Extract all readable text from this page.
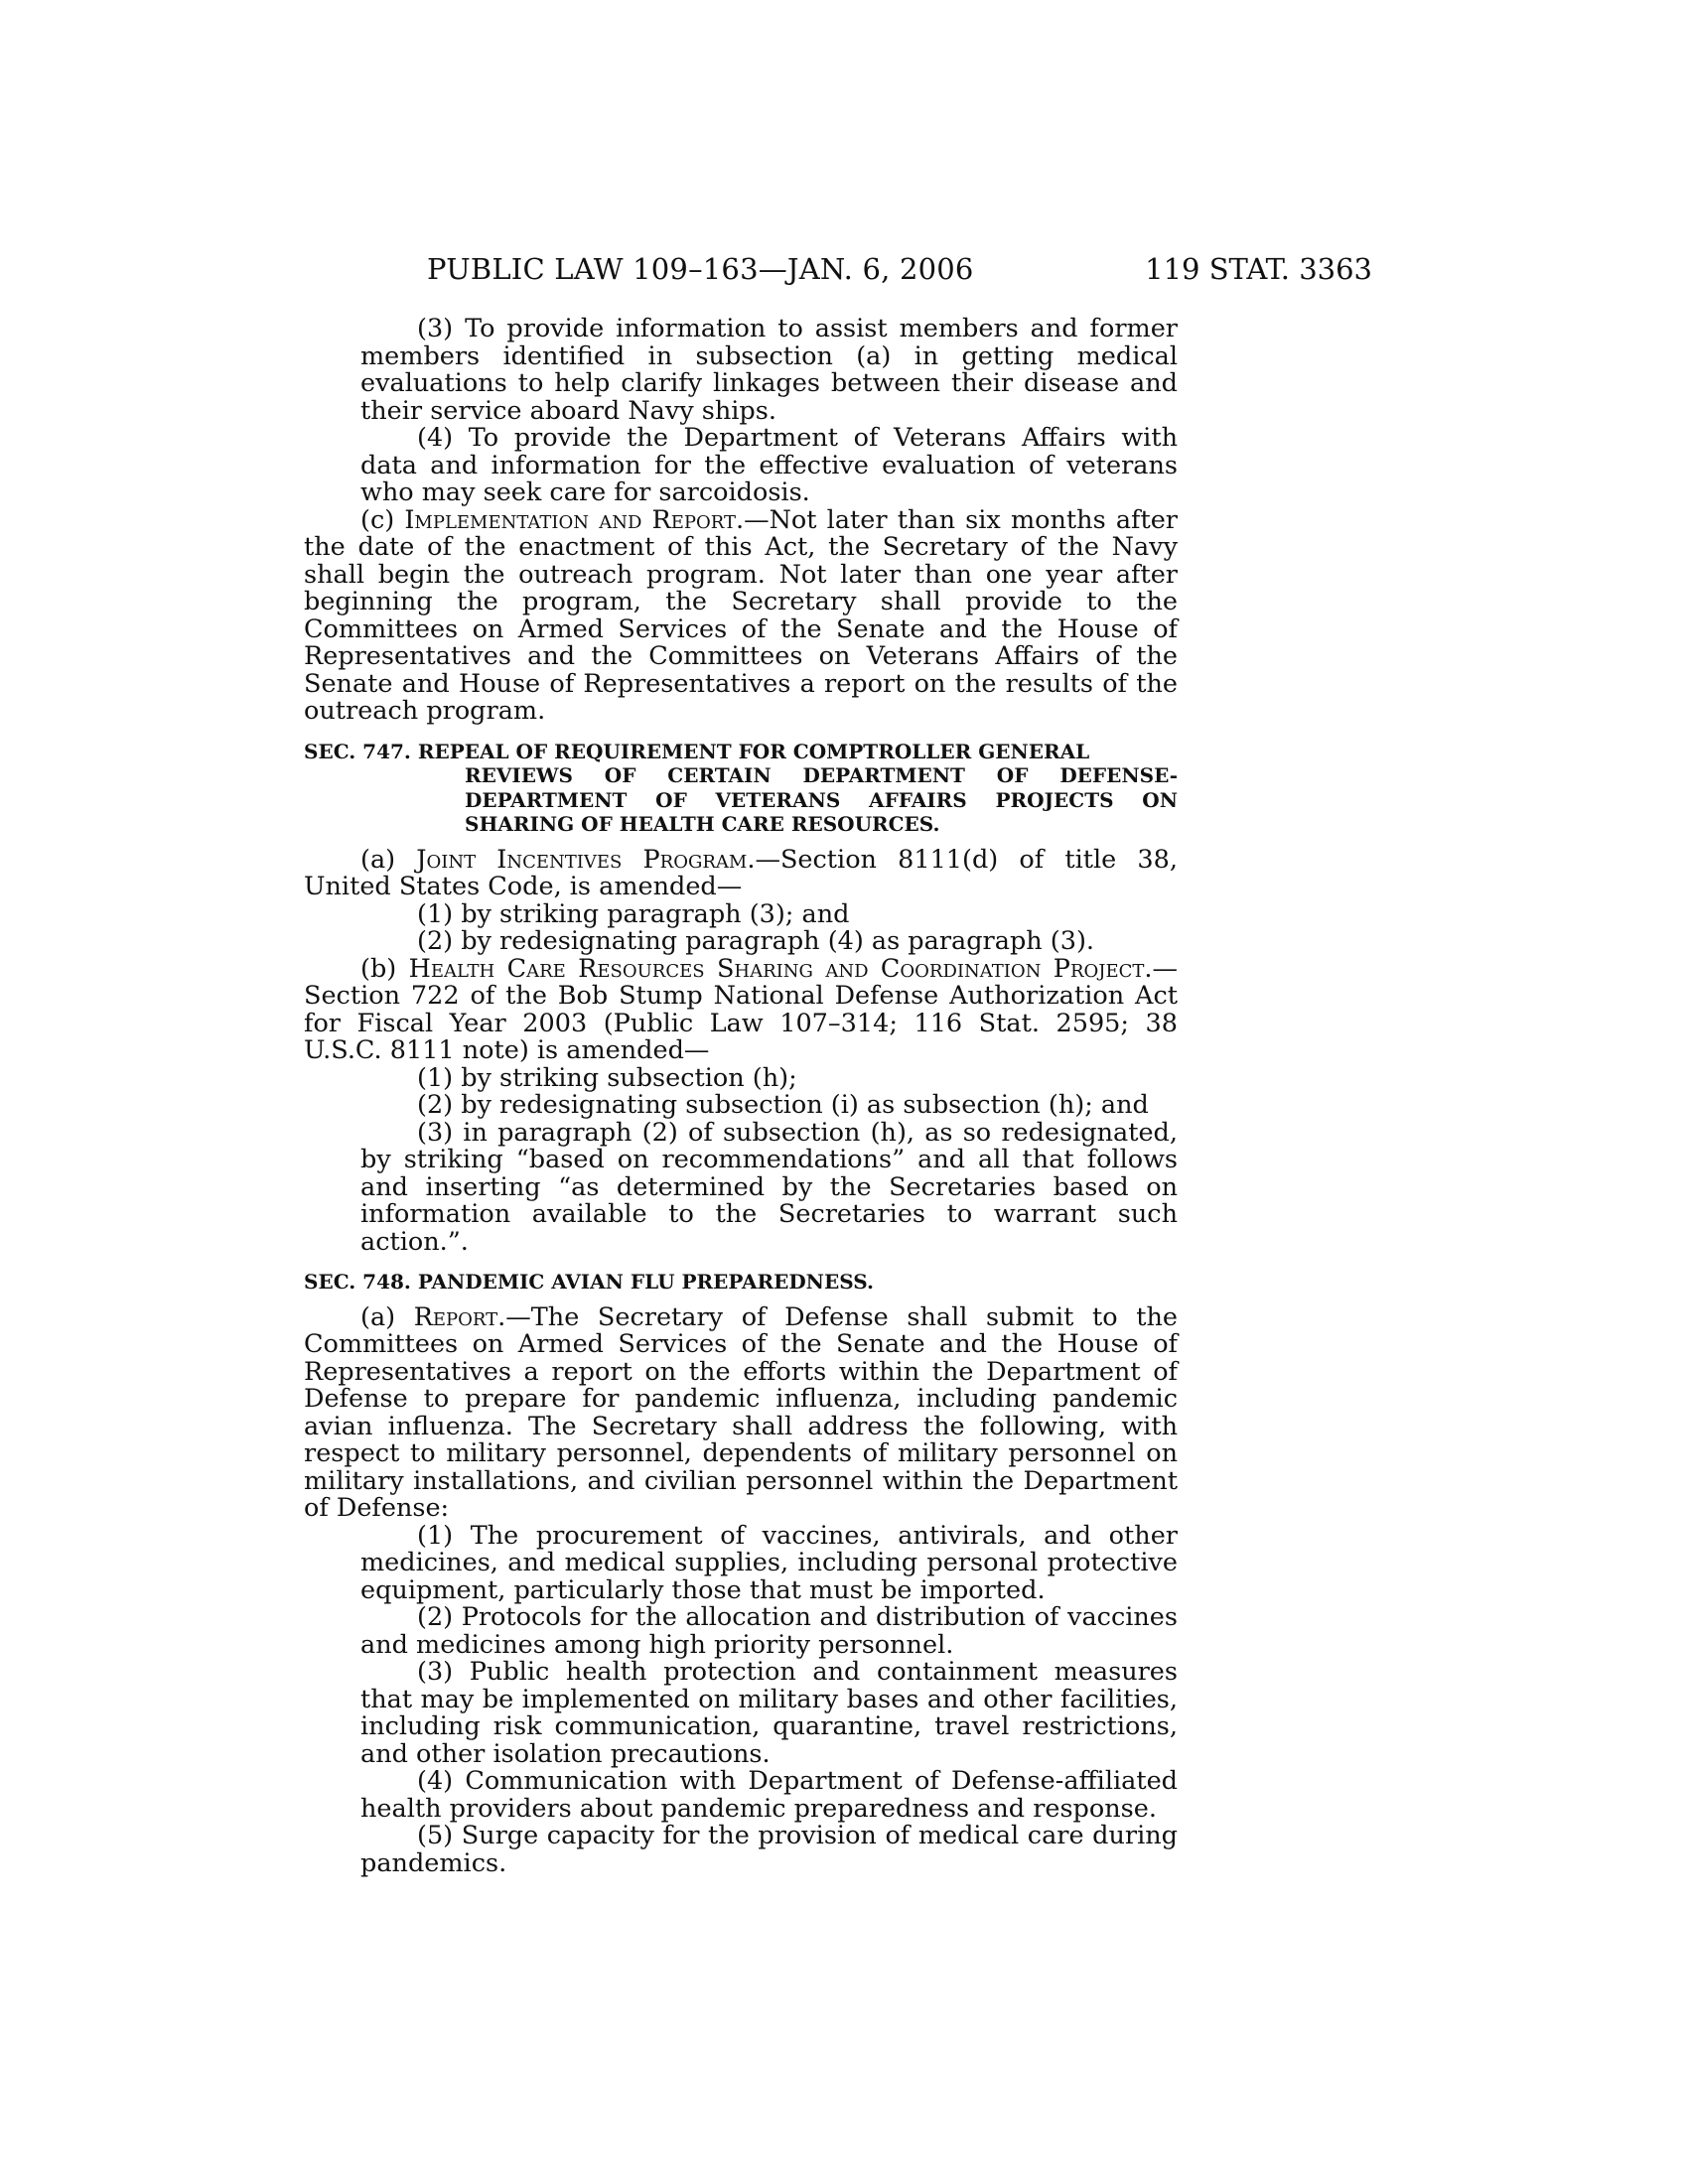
PUBLIC LAW 109–163—JAN. 6, 2006	119 STAT. 3363

(3) To provide information to assist members and former members identified in subsection (a) in getting medical evaluations to help clarify linkages between their disease and their service aboard Navy ships.

(4) To provide the Department of Veterans Affairs with data and information for the effective evaluation of veterans who may seek care for sarcoidosis.

(c) Implementation and Report.—Not later than six months after the date of the enactment of this Act, the Secretary of the Navy shall begin the outreach program. Not later than one year after beginning the program, the Secretary shall provide to the Committees on Armed Services of the Senate and the House of Representatives and the Committees on Veterans Affairs of the Senate and House of Representatives a report on the results of the outreach program.

SEC. 747. REPEAL OF REQUIREMENT FOR COMPTROLLER GENERAL
REVIEWS OF CERTAIN DEPARTMENT OF DEFENSE-DEPARTMENT OF VETERANS AFFAIRS PROJECTS ON SHARING OF HEALTH CARE RESOURCES.

(a) Joint Incentives Program.—Section 8111(d) of title 38, United States Code, is amended—

(1) by striking paragraph (3); and

(2) by redesignating paragraph (4) as paragraph (3).

(b) Health Care Resources Sharing and Coordination Project.—Section 722 of the Bob Stump National Defense Authorization Act for Fiscal Year 2003 (Public Law 107–314; 116 Stat. 2595; 38 U.S.C. 8111 note) is amended—

(1) by striking subsection (h);

(2) by redesignating subsection (i) as subsection (h); and

(3) in paragraph (2) of subsection (h), as so redesignated, by striking “based on recommendations” and all that follows and inserting “as determined by the Secretaries based on information available to the Secretaries to warrant such action.”.

SEC. 748. PANDEMIC AVIAN FLU PREPAREDNESS.

(a) Report.—The Secretary of Defense shall submit to the Committees on Armed Services of the Senate and the House of Representatives a report on the efforts within the Department of Defense to prepare for pandemic influenza, including pandemic avian influenza. The Secretary shall address the following, with respect to military personnel, dependents of military personnel on military installations, and civilian personnel within the Department of Defense:

(1) The procurement of vaccines, antivirals, and other medicines, and medical supplies, including personal protective equipment, particularly those that must be imported.

(2) Protocols for the allocation and distribution of vaccines and medicines among high priority personnel.

(3) Public health protection and containment measures that may be implemented on military bases and other facilities, including risk communication, quarantine, travel restrictions, and other isolation precautions.

(4) Communication with Department of Defense-affiliated health providers about pandemic preparedness and response.

(5) Surge capacity for the provision of medical care during pandemics.
